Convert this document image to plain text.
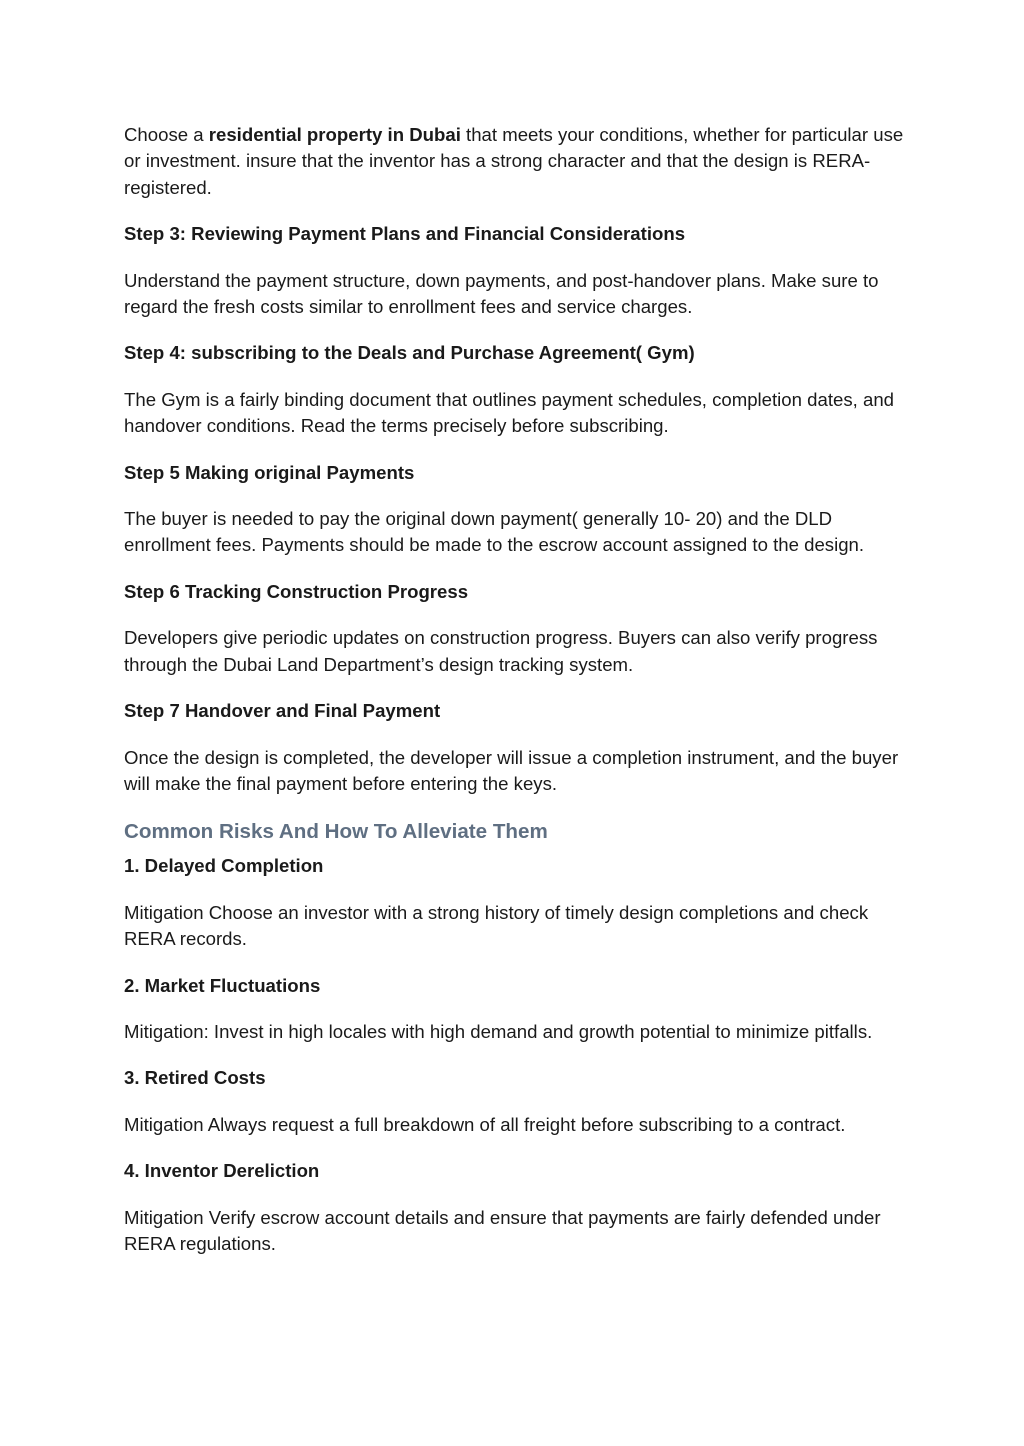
Choose a residential property in Dubai that meets your conditions, whether for particular use or investment. insure that the inventor has a strong character and that the design is RERA-registered.

Step 3: Reviewing Payment Plans and Financial Considerations

Understand the payment structure, down payments, and post-handover plans. Make sure to regard the fresh costs similar to enrollment fees and service charges.

Step 4: subscribing to the Deals and Purchase Agreement( Gym)

The Gym is a fairly binding document that outlines payment schedules, completion dates, and handover conditions. Read the terms precisely before subscribing.

Step 5 Making original Payments

The buyer is needed to pay the original down payment( generally 10- 20) and the DLD enrollment fees. Payments should be made to the escrow account assigned to the design.

Step 6 Tracking Construction Progress

Developers give periodic updates on construction progress. Buyers can also verify progress through the Dubai Land Department’s design tracking system.

Step 7 Handover and Final Payment

Once the design is completed, the developer will issue a completion instrument, and the buyer will make the final payment before entering the keys.

Common Risks And How To Alleviate Them

1. Delayed Completion

Mitigation Choose an investor with a strong history of timely design completions and check RERA records.

2. Market Fluctuations

Mitigation: Invest in high locales with high demand and growth potential to minimize pitfalls.

3. Retired Costs

Mitigation Always request a full breakdown of all freight before subscribing to a contract.

4. Inventor Dereliction

Mitigation Verify escrow account details and ensure that payments are fairly defended under RERA regulations.
